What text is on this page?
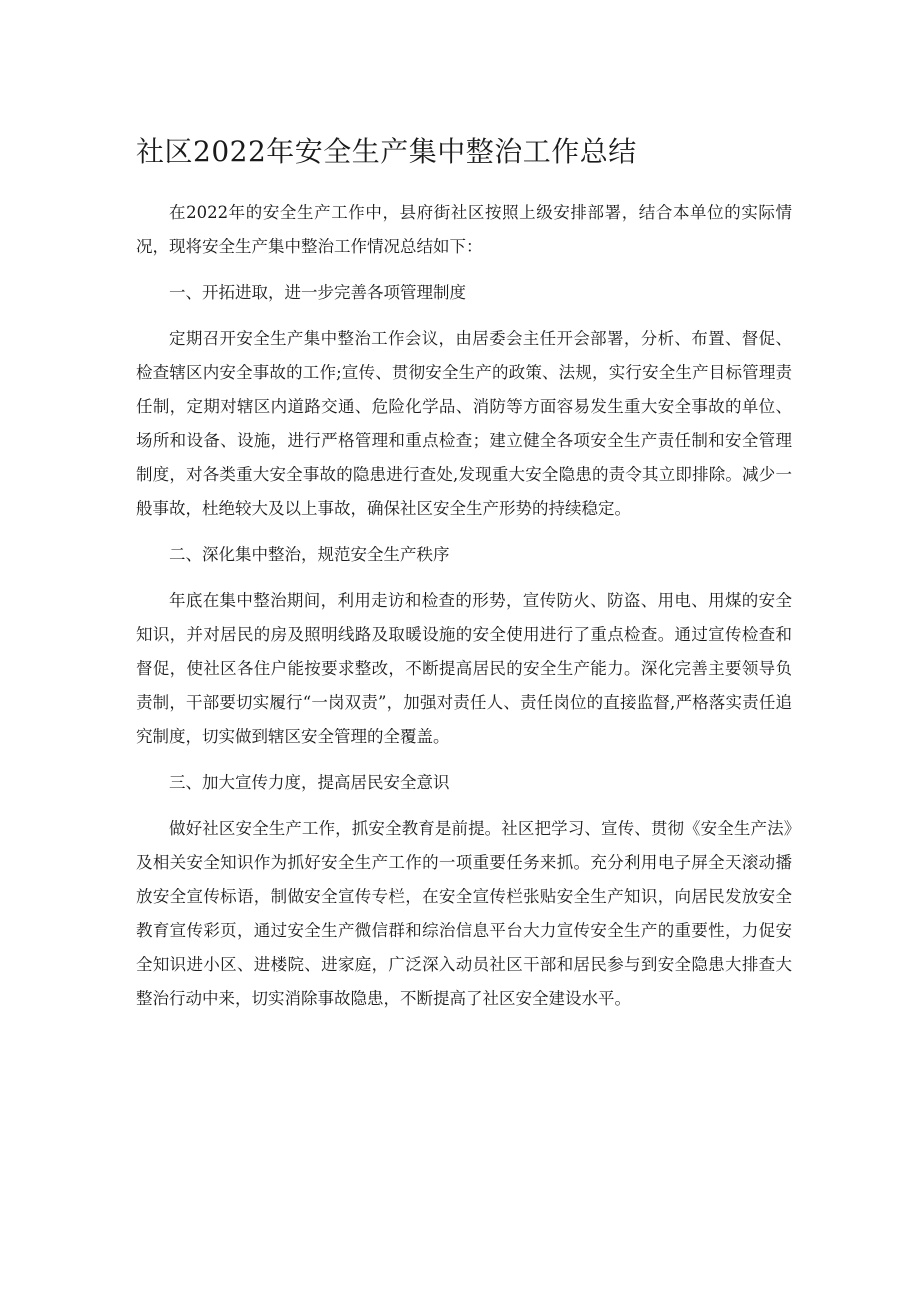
社区2022年安全生产集中整治工作总结

在2022年的安全生产工作中，县府街社区按照上级安排部署，结合本单位的实际情况，现将安全生产集中整治工作情况总结如下：

一、开拓进取，进一步完善各项管理制度

定期召开安全生产集中整治工作会议，由居委会主任开会部署，分析、布置、督促、检查辖区内安全事故的工作;宣传、贯彻安全生产的政策、法规，实行安全生产目标管理责任制，定期对辖区内道路交通、危险化学品、消防等方面容易发生重大安全事故的单位、场所和设备、设施，进行严格管理和重点检查；建立健全各项安全生产责任制和安全管理制度，对各类重大安全事故的隐患进行查处,发现重大安全隐患的责令其立即排除。减少一般事故，杜绝较大及以上事故，确保社区安全生产形势的持续稳定。

二、深化集中整治，规范安全生产秩序

年底在集中整治期间，利用走访和检查的形势，宣传防火、防盗、用电、用煤的安全知识，并对居民的房及照明线路及取暖设施的安全使用进行了重点检查。通过宣传检查和督促，使社区各住户能按要求整改，不断提高居民的安全生产能力。深化完善主要领导负责制，干部要切实履行“一岗双责”，加强对责任人、责任岗位的直接监督,严格落实责任追究制度，切实做到辖区安全管理的全覆盖。

三、加大宣传力度，提高居民安全意识

做好社区安全生产工作，抓安全教育是前提。社区把学习、宣传、贯彻《安全生产法》及相关安全知识作为抓好安全生产工作的一项重要任务来抓。充分利用电子屏全天滚动播放安全宣传标语，制做安全宣传专栏，在安全宣传栏张贴安全生产知识，向居民发放安全教育宣传彩页，通过安全生产微信群和综治信息平台大力宣传安全生产的重要性，力促安全知识进小区、进楼院、进家庭，广泛深入动员社区干部和居民参与到安全隐患大排查大整治行动中来，切实消除事故隐患，不断提高了社区安全建设水平。
